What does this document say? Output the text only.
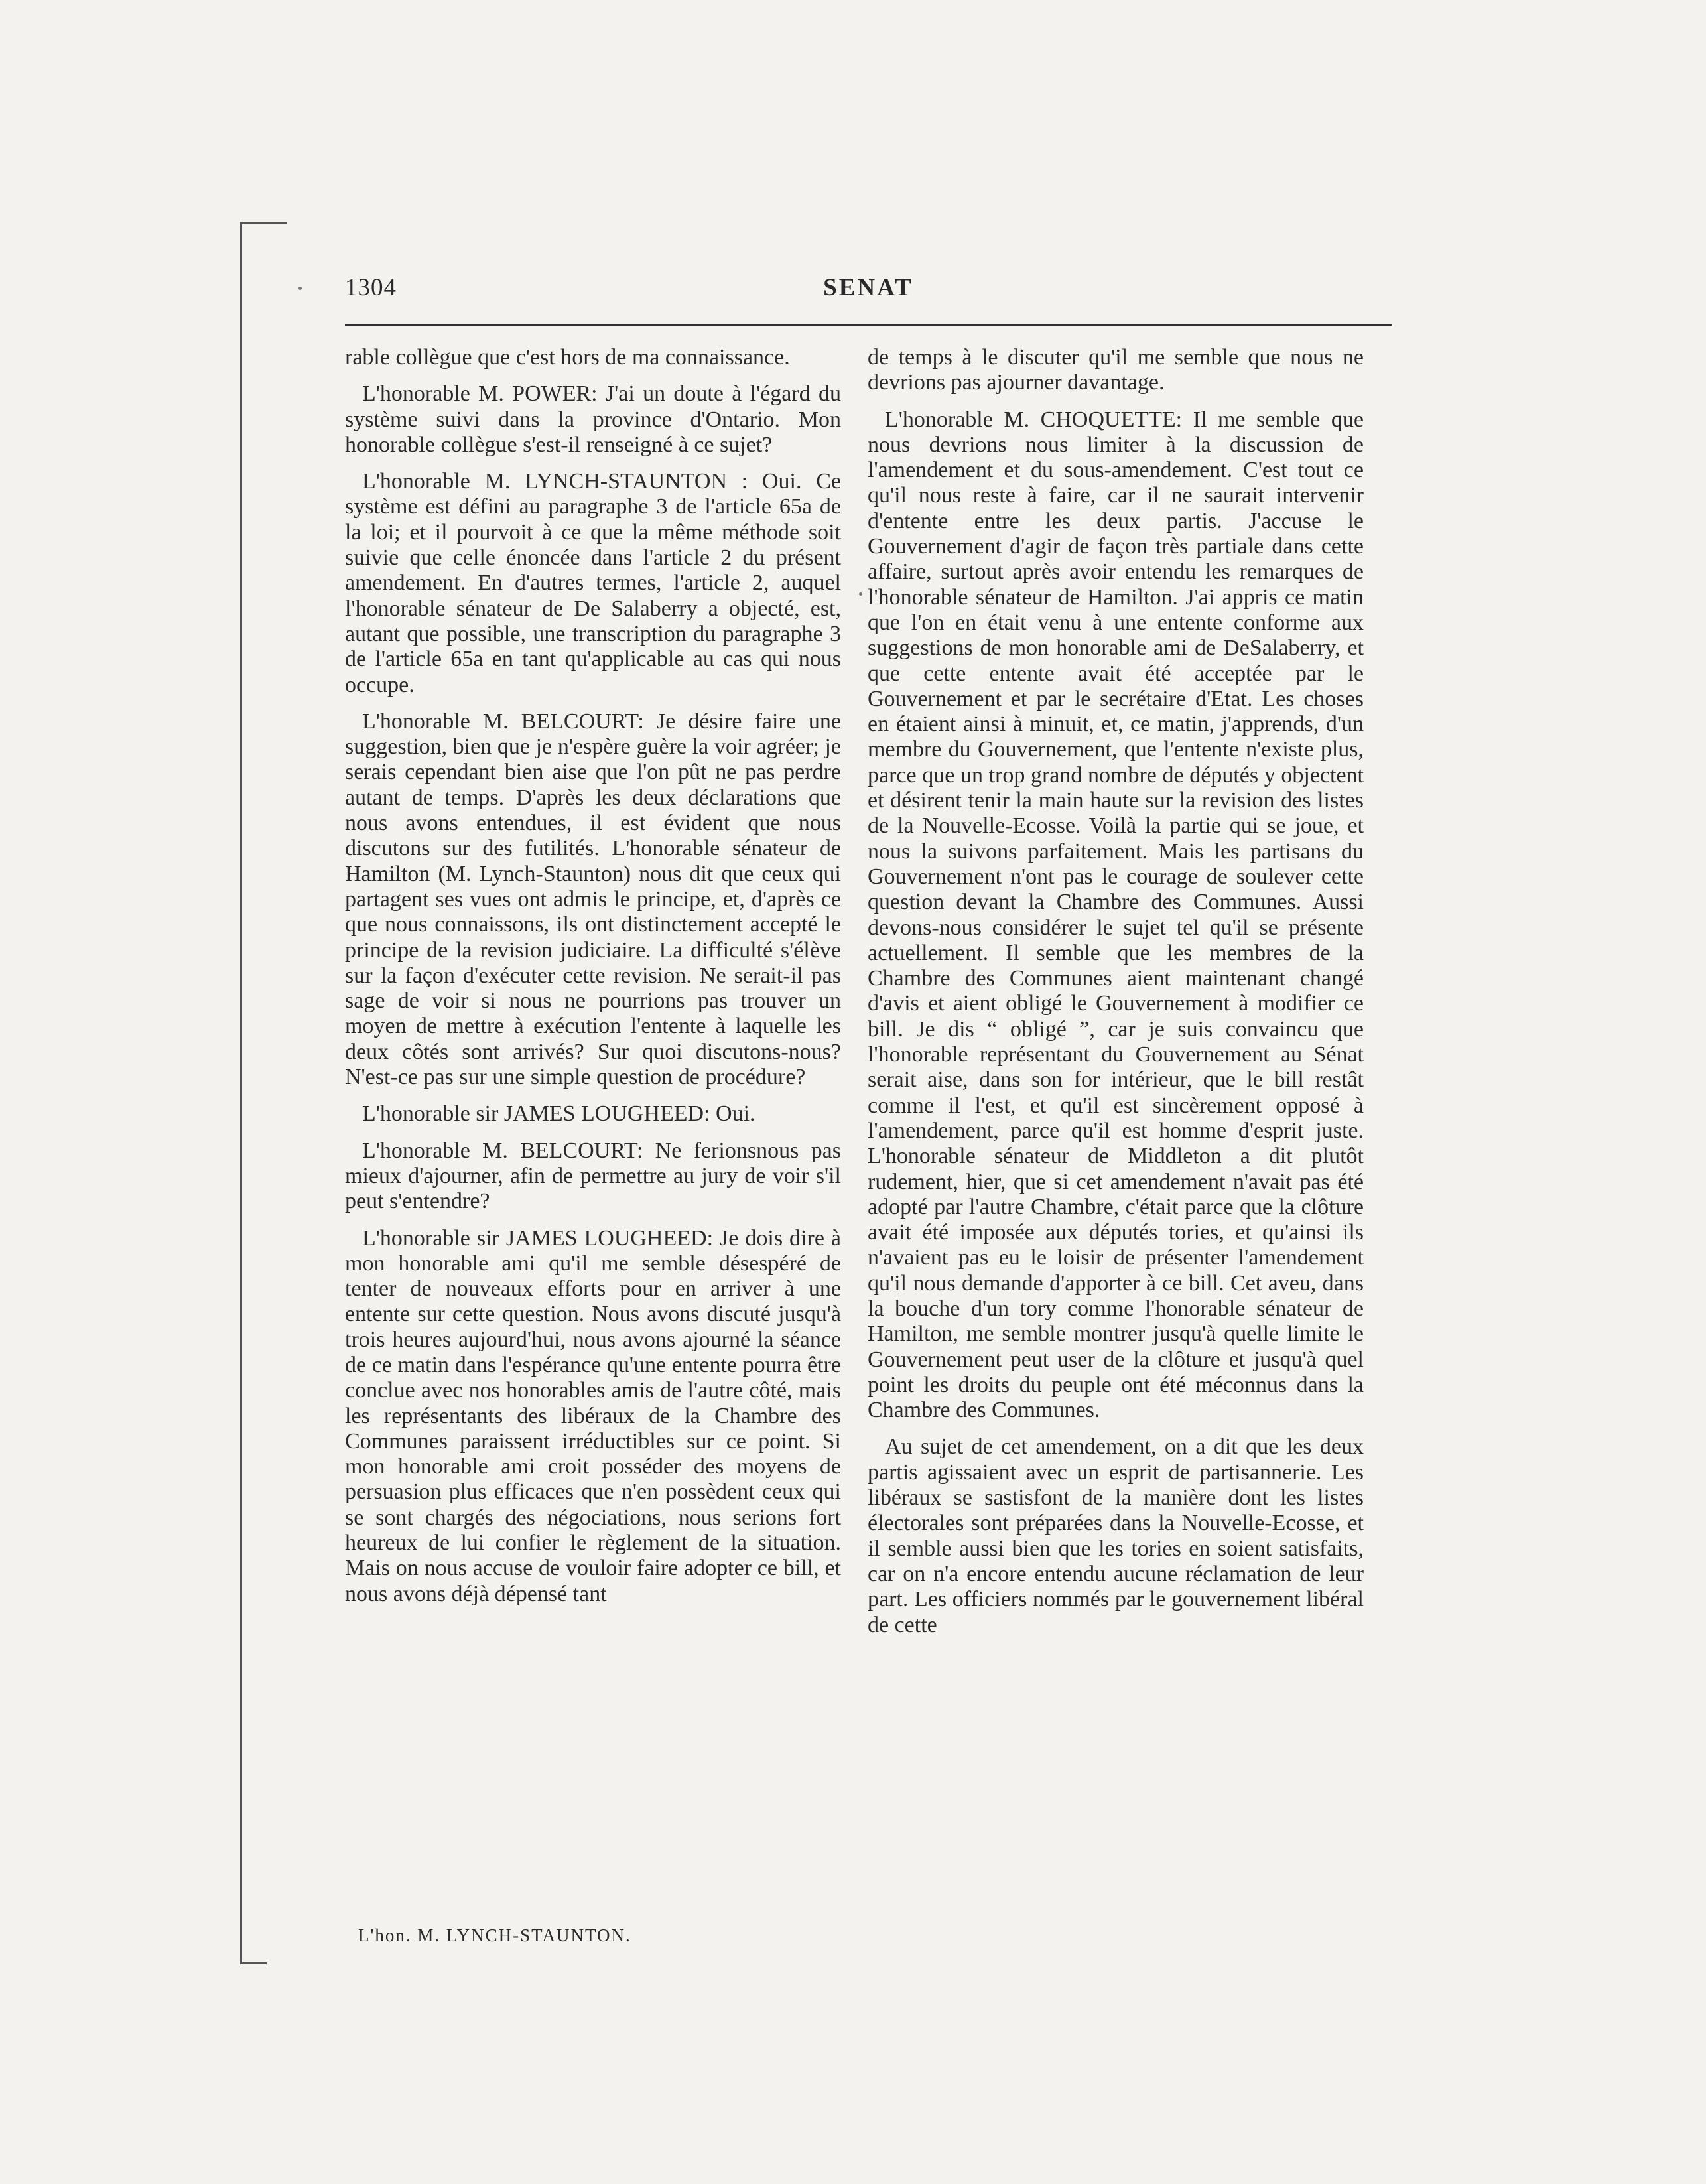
1304	SENAT

rable collègue que c'est hors de ma connaissance.

L'honorable M. POWER: J'ai un doute à l'égard du système suivi dans la province d'Ontario. Mon honorable collègue s'est-il renseigné à ce sujet?

L'honorable M. LYNCH-STAUNTON : Oui. Ce système est défini au paragraphe 3 de l'article 65a de la loi; et il pourvoit à ce que la même méthode soit suivie que celle énoncée dans l'article 2 du présent amendement. En d'autres termes, l'article 2, auquel l'honorable sénateur de De Salaberry a objecté, est, autant que possible, une transcription du paragraphe 3 de l'article 65a en tant qu'applicable au cas qui nous occupe.

L'honorable M. BELCOURT: Je désire faire une suggestion, bien que je n'espère guère la voir agréer; je serais cependant bien aise que l'on pût ne pas perdre autant de temps. D'après les deux déclarations que nous avons entendues, il est évident que nous discutons sur des futilités. L'honorable sénateur de Hamilton (M. Lynch-Staunton) nous dit que ceux qui partagent ses vues ont admis le principe, et, d'après ce que nous connaissons, ils ont distinctement accepté le principe de la revision judiciaire. La difficulté s'élève sur la façon d'exécuter cette revision. Ne serait-il pas sage de voir si nous ne pourrions pas trouver un moyen de mettre à exécution l'entente à laquelle les deux côtés sont arrivés? Sur quoi discutons-nous? N'est-ce pas sur une simple question de procédure?

L'honorable sir JAMES LOUGHEED: Oui.

L'honorable M. BELCOURT: Ne ferionsnous pas mieux d'ajourner, afin de permettre au jury de voir s'il peut s'entendre?

L'honorable sir JAMES LOUGHEED: Je dois dire à mon honorable ami qu'il me semble désespéré de tenter de nouveaux efforts pour en arriver à une entente sur cette question. Nous avons discuté jusqu'à trois heures aujourd'hui, nous avons ajourné la séance de ce matin dans l'espérance qu'une entente pourra être conclue avec nos honorables amis de l'autre côté, mais les représentants des libéraux de la Chambre des Communes paraissent irréductibles sur ce point. Si mon honorable ami croit posséder des moyens de persuasion plus efficaces que n'en possèdent ceux qui se sont chargés des négociations, nous serions fort heureux de lui confier le règlement de la situation. Mais on nous accuse de vouloir faire adopter ce bill, et nous avons déjà dépensé tant

de temps à le discuter qu'il me semble que nous ne devrions pas ajourner davantage.

L'honorable M. CHOQUETTE: Il me semble que nous devrions nous limiter à la discussion de l'amendement et du sous-amendement. C'est tout ce qu'il nous reste à faire, car il ne saurait intervenir d'entente entre les deux partis. J'accuse le Gouvernement d'agir de façon très partiale dans cette affaire, surtout après avoir entendu les remarques de l'honorable sénateur de Hamilton. J'ai appris ce matin que l'on en était venu à une entente conforme aux suggestions de mon honorable ami de DeSalaberry, et que cette entente avait été acceptée par le Gouvernement et par le secrétaire d'Etat. Les choses en étaient ainsi à minuit, et, ce matin, j'apprends, d'un membre du Gouvernement, que l'entente n'existe plus, parce que un trop grand nombre de députés y objectent et désirent tenir la main haute sur la revision des listes de la Nouvelle-Ecosse. Voilà la partie qui se joue, et nous la suivons parfaitement. Mais les partisans du Gouvernement n'ont pas le courage de soulever cette question devant la Chambre des Communes. Aussi devons-nous considérer le sujet tel qu'il se présente actuellement. Il semble que les membres de la Chambre des Communes aient maintenant changé d'avis et aient obligé le Gouvernement à modifier ce bill. Je dis “ obligé ”, car je suis convaincu que l'honorable représentant du Gouvernement au Sénat serait aise, dans son for intérieur, que le bill restât comme il l'est, et qu'il est sincèrement opposé à l'amendement, parce qu'il est homme d'esprit juste. L'honorable sénateur de Middleton a dit plutôt rudement, hier, que si cet amendement n'avait pas été adopté par l'autre Chambre, c'était parce que la clôture avait été imposée aux députés tories, et qu'ainsi ils n'avaient pas eu le loisir de présenter l'amendement qu'il nous demande d'apporter à ce bill. Cet aveu, dans la bouche d'un tory comme l'honorable sénateur de Hamilton, me semble montrer jusqu'à quelle limite le Gouvernement peut user de la clôture et jusqu'à quel point les droits du peuple ont été méconnus dans la Chambre des Communes.

Au sujet de cet amendement, on a dit que les deux partis agissaient avec un esprit de partisannerie. Les libéraux se sastisfont de la manière dont les listes électorales sont préparées dans la Nouvelle-Ecosse, et il semble aussi bien que les tories en soient satisfaits, car on n'a encore entendu aucune réclamation de leur part. Les officiers nommés par le gouvernement libéral de cette

L'hon. M. LYNCH-STAUNTON.
